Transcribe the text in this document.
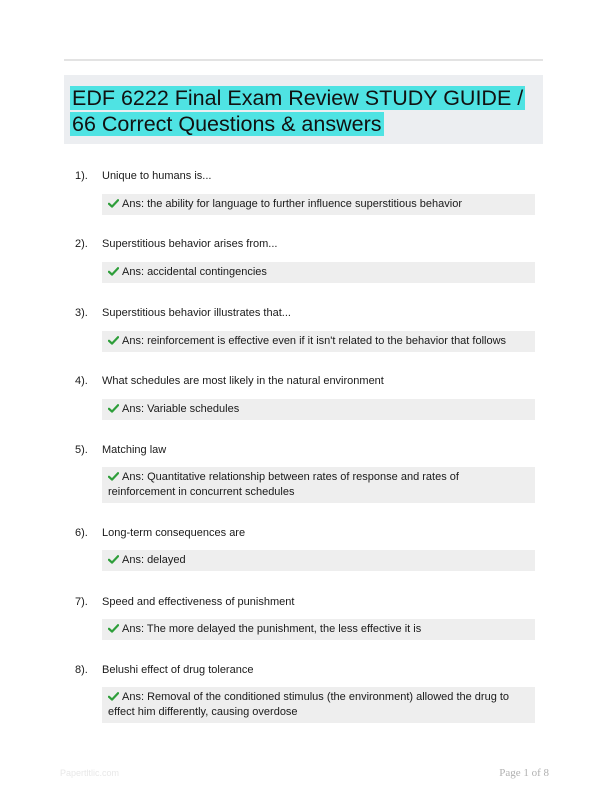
EDF 6222 Final Exam Review STUDY GUIDE / 66 Correct Questions & answers
1). Unique to humans is...
Ans: the ability for language to further influence superstitious behavior
2). Superstitious behavior arises from...
Ans: accidental contingencies
3). Superstitious behavior illustrates that...
Ans: reinforcement is effective even if it isn't related to the behavior that follows
4). What schedules are most likely in the natural environment
Ans: Variable schedules
5). Matching law
Ans: Quantitative relationship between rates of response and rates of reinforcement in concurrent schedules
6). Long-term consequences are
Ans: delayed
7). Speed and effectiveness of punishment
Ans: The more delayed the punishment, the less effective it is
8). Belushi effect of drug tolerance
Ans: Removal of the conditioned stimulus (the environment) allowed the drug to effect him differently, causing overdose
Papertltlic.com	Page 1 of 8
